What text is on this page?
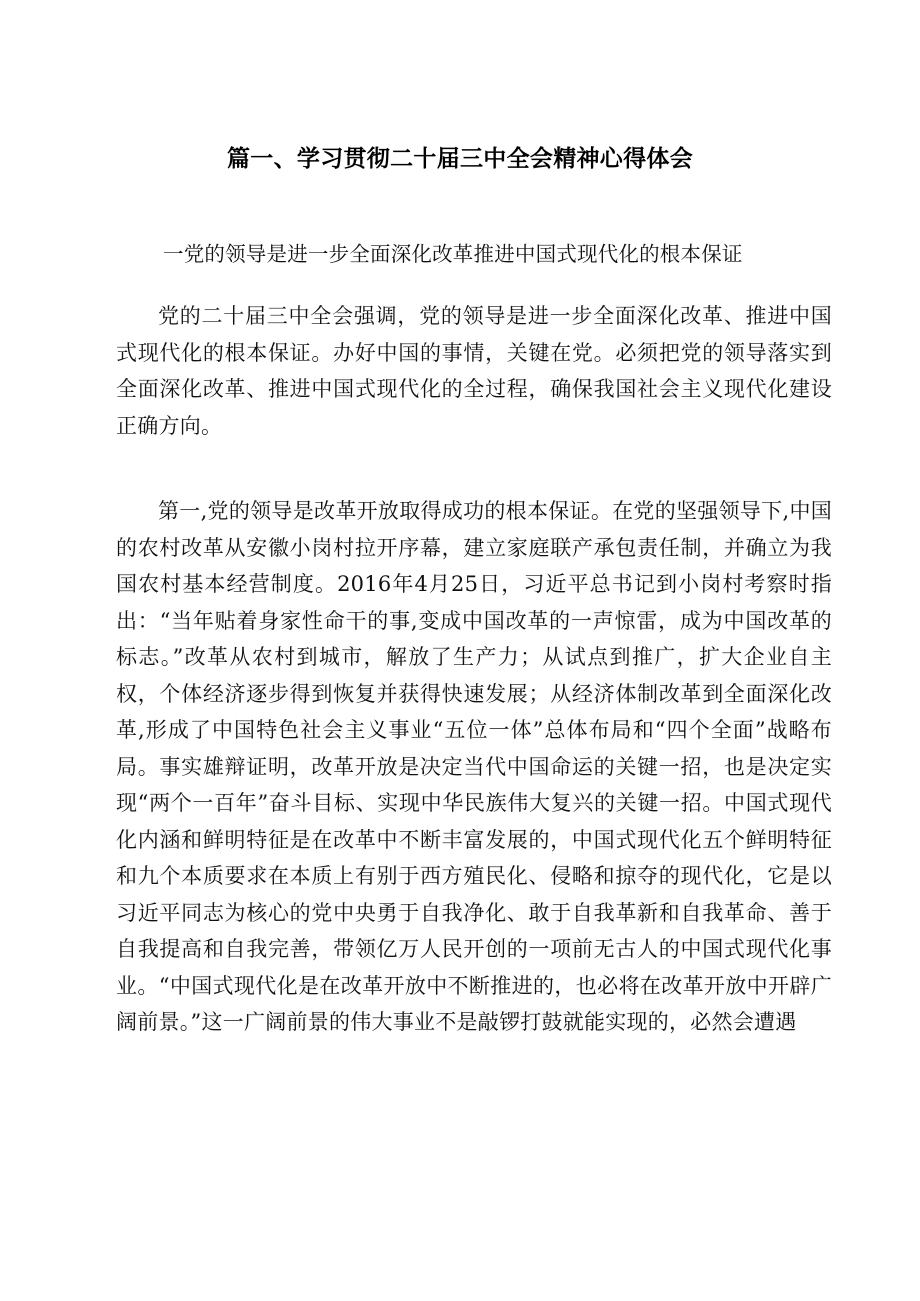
篇一、学习贯彻二十届三中全会精神心得体会
一党的领导是进一步全面深化改革推进中国式现代化的根本保证

党的二十届三中全会强调，党的领导是进一步全面深化改革、推进中国式现代化的根本保证。办好中国的事情，关键在党。必须把党的领导落实到全面深化改革、推进中国式现代化的全过程，确保我国社会主义现代化建设正确方向。

第一,党的领导是改革开放取得成功的根本保证。在党的坚强领导下,中国的农村改革从安徽小岗村拉开序幕，建立家庭联产承包责任制，并确立为我国农村基本经营制度。2016年4月25日，习近平总书记到小岗村考察时指出：“当年贴着身家性命干的事,变成中国改革的一声惊雷，成为中国改革的标志。”改革从农村到城市，解放了生产力；从试点到推广，扩大企业自主权，个体经济逐步得到恢复并获得快速发展；从经济体制改革到全面深化改革,形成了中国特色社会主义事业“五位一体”总体布局和“四个全面”战略布局。事实雄辩证明，改革开放是决定当代中国命运的关键一招，也是决定实现“两个一百年”奋斗目标、实现中华民族伟大复兴的关键一招。中国式现代化内涵和鲜明特征是在改革中不断丰富发展的，中国式现代化五个鲜明特征和九个本质要求在本质上有别于西方殖民化、侵略和掠夺的现代化，它是以习近平同志为核心的党中央勇于自我净化、敢于自我革新和自我革命、善于自我提高和自我完善，带领亿万人民开创的一项前无古人的中国式现代化事业。“中国式现代化是在改革开放中不断推进的，也必将在改革开放中开辟广阔前景。”这一广阔前景的伟大事业不是敲锣打鼓就能实现的，必然会遭遇
